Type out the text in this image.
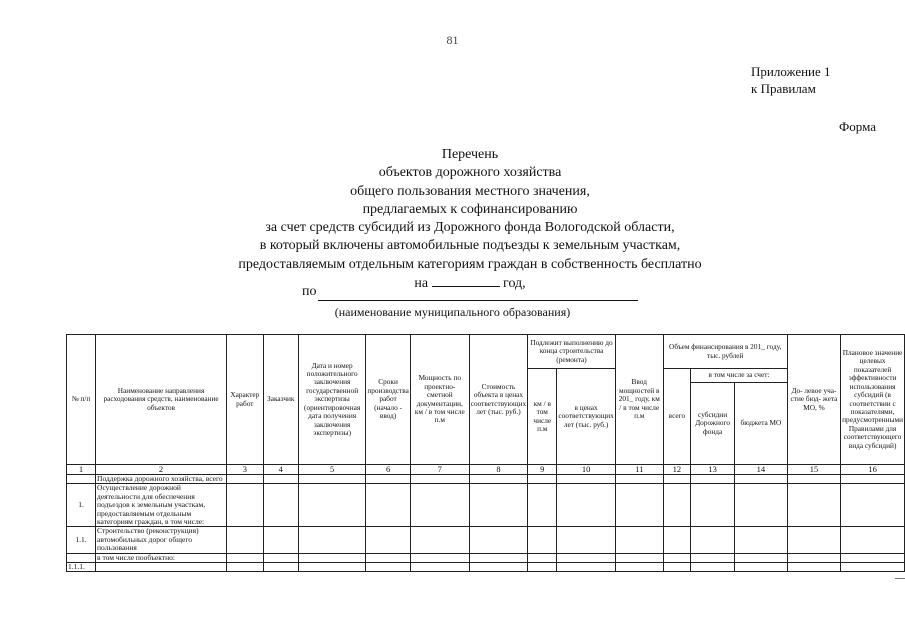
81
Приложение 1
к Правилам
Форма
Перечень
объектов дорожного хозяйства
общего пользования местного значения,
предлагаемых к софинансированию
за счет средств субсидий из Дорожного фонда Вологодской области,
в который включены автомобильные подъезды к земельным участкам,
предоставляемым отдельным категориям граждан в собственность бесплатно
на	год,
по
(наименование муниципального образования)
№ п/п	Наименование направления расходования средств, наименование объектов	Характер работ	Заказчик	Дата и номер положительного заключения государственной экспертизы (ориентировочная дата получения заключения экспертизы)	Сроки производства работ (начало - ввод)	Мощность по проектно-сметной документации, км / в том числе п.м	Стоимость объекта в ценах соответствующих лет (тыс. руб.)	Подлежит выполнению до конца строительства (ремонта)		Ввод мощностей в 201_ году, км / в том числе п.м	Объем финансирования в 201_ году, тыс. рублей			До- левое уча- стие бюд- жета МО, %	Плановое значение целевых показателей эффективности использования субсидий (в соответствии с показателями, предусмотренными Правилами для соответствующего вида субсидий)
								км / в том числе п.м	в ценах соответствующих лет (тыс. руб.)		всего	в том числе за счет:			
												субсидии Дорожного фонда	бюджета МО		
1	2	3	4	5	6	7	8	9	10	11	12	13	14	15	16
	Поддержка дорожного хозяйства, всего														
1.	Осуществление дорожной деятельности для обеспечения подъездов к земельным участкам, предоставляемым отдельным категориям граждан, в том числе:														
1.1.	Строительство (реконструкция) автомобильных дорог общего пользования														
	в том числе пообъектно:														
1.1.1.															
